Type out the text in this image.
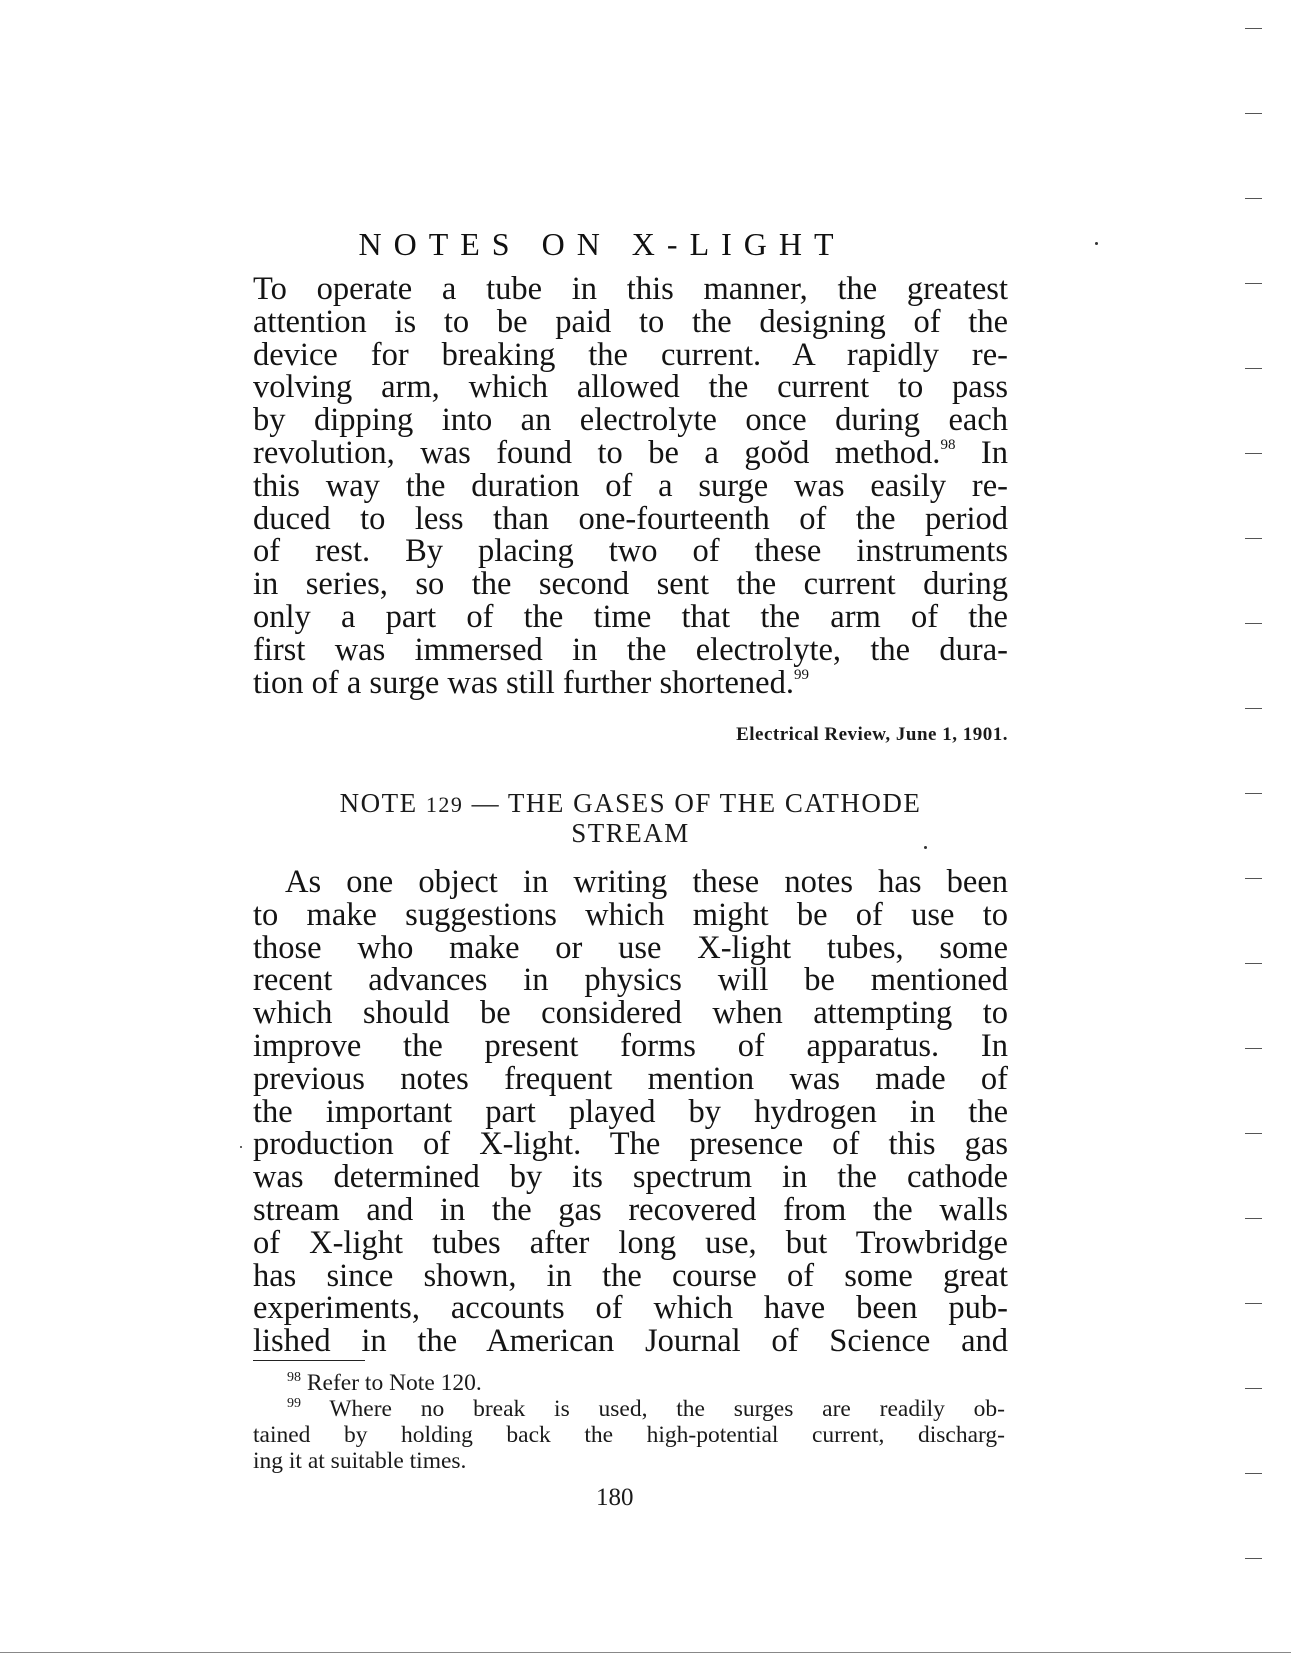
NOTES ON X-LIGHT
To operate a tube in this manner, the greatest
attention is to be paid to the designing of the
device for breaking the current. A rapidly re-
volving arm, which allowed the current to pass
by dipping into an electrolyte once during each
revolution, was found to be a goŏd method.$^{98}$ In
this way the duration of a surge was easily re-
duced to less than one-fourteenth of the period
of rest. By placing two of these instruments
in series, so the second sent the current during
only a part of the time that the arm of the
first was immersed in the electrolyte, the dura-
tion of a surge was still further shortened.$^{99}$
Electrical Review, June 1, 1901.
NOTE 129 — THE GASES OF THE CATHODE
STREAM
As one object in writing these notes has been
to make suggestions which might be of use to
those who make or use X-light tubes, some
recent advances in physics will be mentioned
which should be considered when attempting to
improve the present forms of apparatus. In
previous notes frequent mention was made of
the important part played by hydrogen in the
production of X-light. The presence of this gas
was determined by its spectrum in the cathode
stream and in the gas recovered from the walls
of X-light tubes after long use, but Trowbridge
has since shown, in the course of some great
experiments, accounts of which have been pub-
lished in the American Journal of Science and
$^{98}$ Refer to Note 120.
$^{99}$ Where no break is used, the surges are readily ob-
tained by holding back the high-potential current, discharg-
ing it at suitable times.
180
